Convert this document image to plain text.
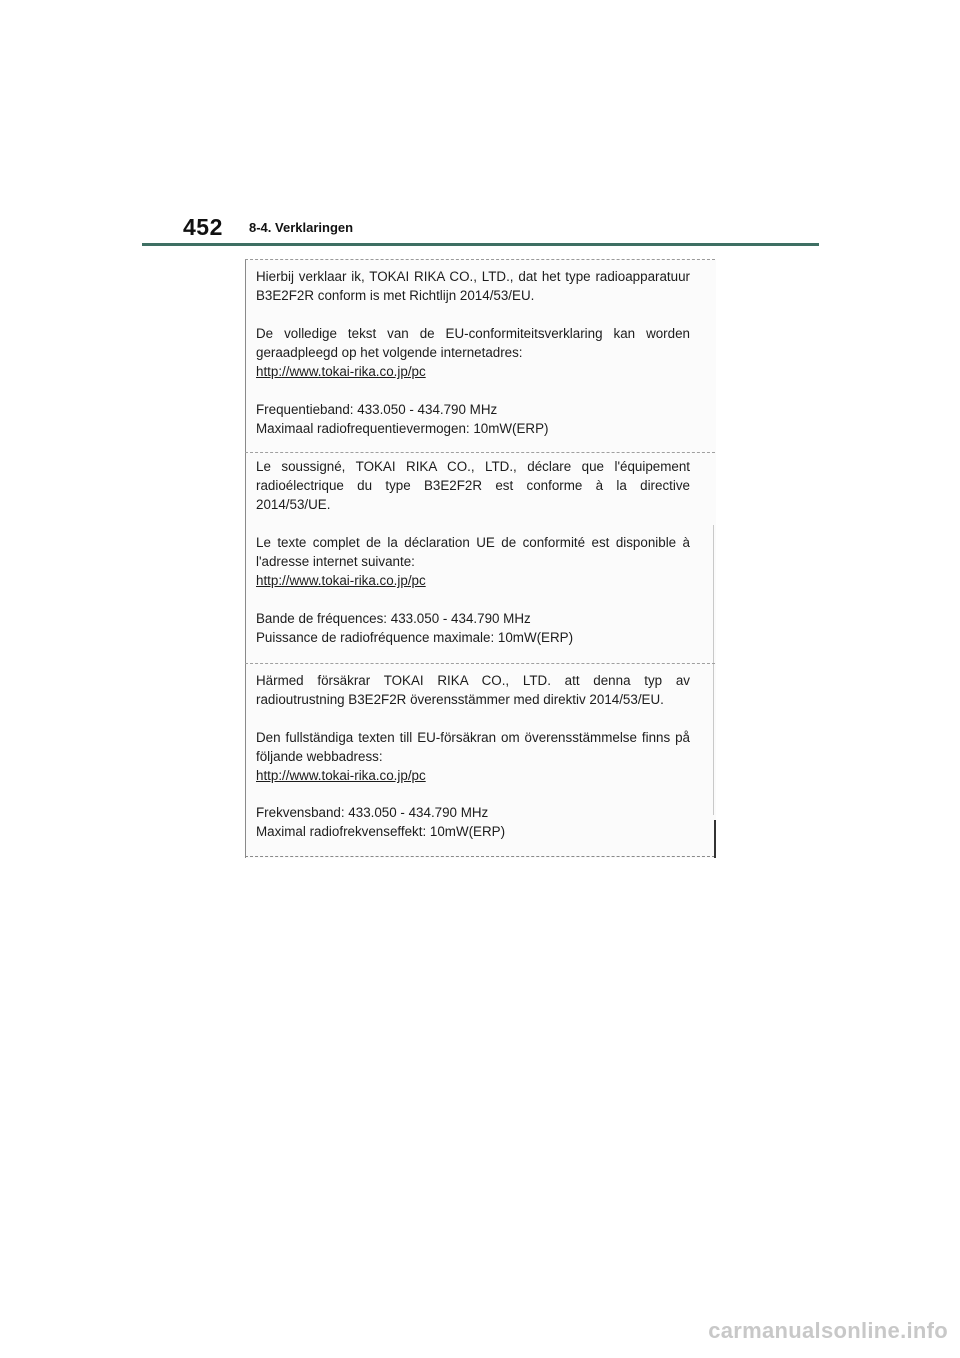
452 8-4. Verklaringen

Hierbij verklaar ik, TOKAI RIKA CO., LTD., dat het type radioapparatuur B3E2F2R conform is met Richtlijn 2014/53/EU.

De volledige tekst van de EU-conformiteitsverklaring kan worden geraadpleegd op het volgende internetadres:

http://www.tokai-rika.co.jp/pc

Frequentieband: 433.050 - 434.790 MHz

Maximaal radiofrequentievermogen: 10mW(ERP)

Le soussigné, TOKAI RIKA CO., LTD., déclare que l'équipement radioélectrique du type B3E2F2R est conforme à la directive 2014/53/UE.

Le texte complet de la déclaration UE de conformité est disponible à l'adresse internet suivante:

http://www.tokai-rika.co.jp/pc

Bande de fréquences: 433.050 - 434.790 MHz

Puissance de radiofréquence maximale: 10mW(ERP)

Härmed försäkrar TOKAI RIKA CO., LTD. att denna typ av radioutrustning B3E2F2R överensstämmer med direktiv 2014/53/EU.

Den fullständiga texten till EU-försäkran om överensstämmelse finns på följande webbadress:

http://www.tokai-rika.co.jp/pc

Frekvensband: 433.050 - 434.790 MHz

Maximal radiofrekvenseffekt: 10mW(ERP)

carmanualsonline.info
